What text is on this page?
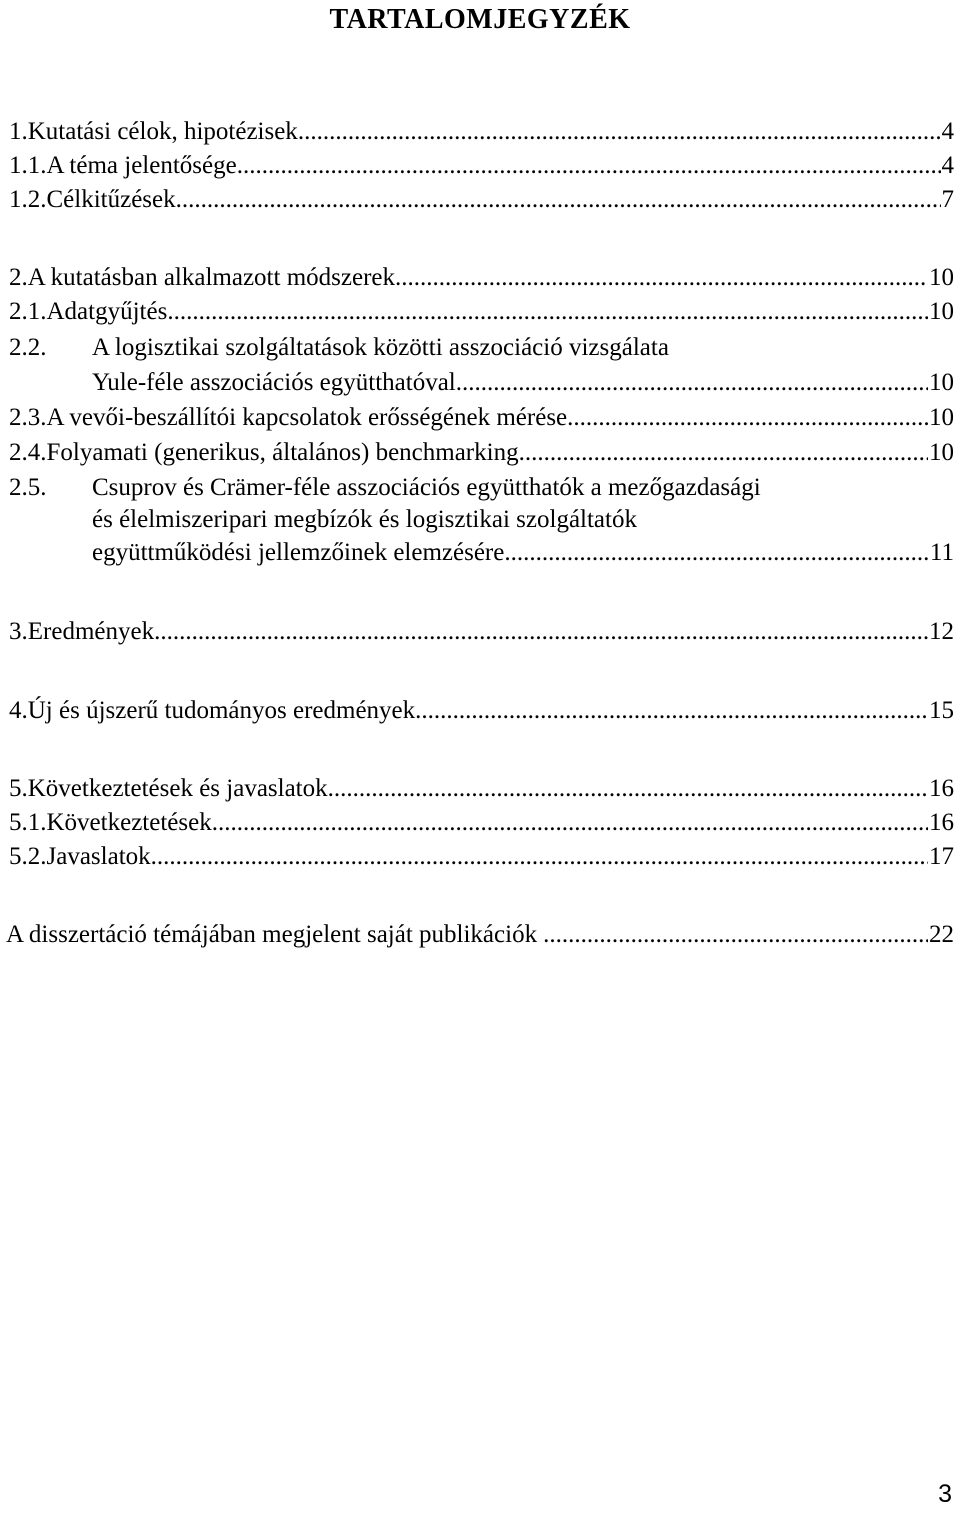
TARTALOMJEGYZÉK
1. Kutatási célok, hipotézisek .....	4
1.1. A téma jelentősége .....	4
1.2. Célkitűzések .....	7
2. A kutatásban alkalmazott módszerek .....	10
2.1. Adatgyűjtés .....	10
2.2.	A logisztikai szolgáltatások közötti asszociáció vizsgálata
Yule-féle asszociációs együtthatóval .....	10
2.3. A vevői-beszállítói kapcsolatok erősségének mérése .....	10
2.4. Folyamati (generikus, általános) benchmarking .....	10
2.5.	Csuprov és Crämer-féle asszociációs együtthatók a mezőgazdasági
és élelmiszeripari megbízók és logisztikai szolgáltatók
együttműködési jellemzőinek elemzésére .....	11
3. Eredmények .....	12
4. Új és újszerű tudományos eredmények .....	15
5. Következtetések és javaslatok .....	16
5.1. Következtetések .....	16
5.2. Javaslatok .....	17
A disszertáció témájában megjelent saját publikációk .....	22
3
